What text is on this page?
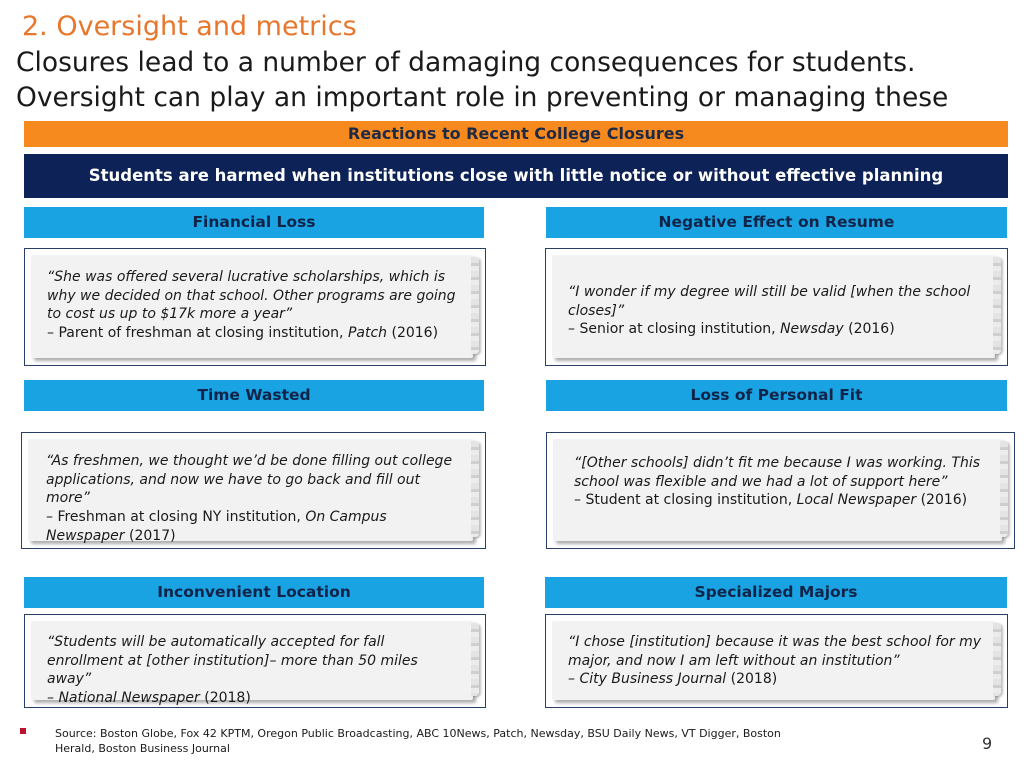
2. Oversight and metrics
Closures lead to a number of damaging consequences for students.
Oversight can play an important role in preventing or managing these
Reactions to Recent College Closures
Students are harmed when institutions close with little notice or without effective planning
Financial Loss	Negative Effect on Resume
“She was offered several lucrative scholarships, which is why we decided on that school. Other programs are going to cost us up to $17k more a year”
– Parent of freshman at closing institution, Patch (2016)
“I wonder if my degree will still be valid [when the school closes]”
– Senior at closing institution, Newsday (2016)
Time Wasted	Loss of Personal Fit
“As freshmen, we thought we’d be done filling out college applications, and now we have to go back and fill out more”
– Freshman at closing NY institution, On Campus Newspaper (2017)
“[Other schools] didn’t fit me because I was working. This school was flexible and we had a lot of support here”
– Student at closing institution, Local Newspaper (2016)
Inconvenient Location	Specialized Majors
“Students will be automatically accepted for fall enrollment at [other institution]– more than 50 miles away”
– National Newspaper (2018)
“I chose [institution] because it was the best school for my major, and now I am left without an institution”
– City Business Journal (2018)
Source: Boston Globe, Fox 42 KPTM, Oregon Public Broadcasting, ABC 10News, Patch, Newsday, BSU Daily News, VT Digger, Boston Herald, Boston Business Journal	9
